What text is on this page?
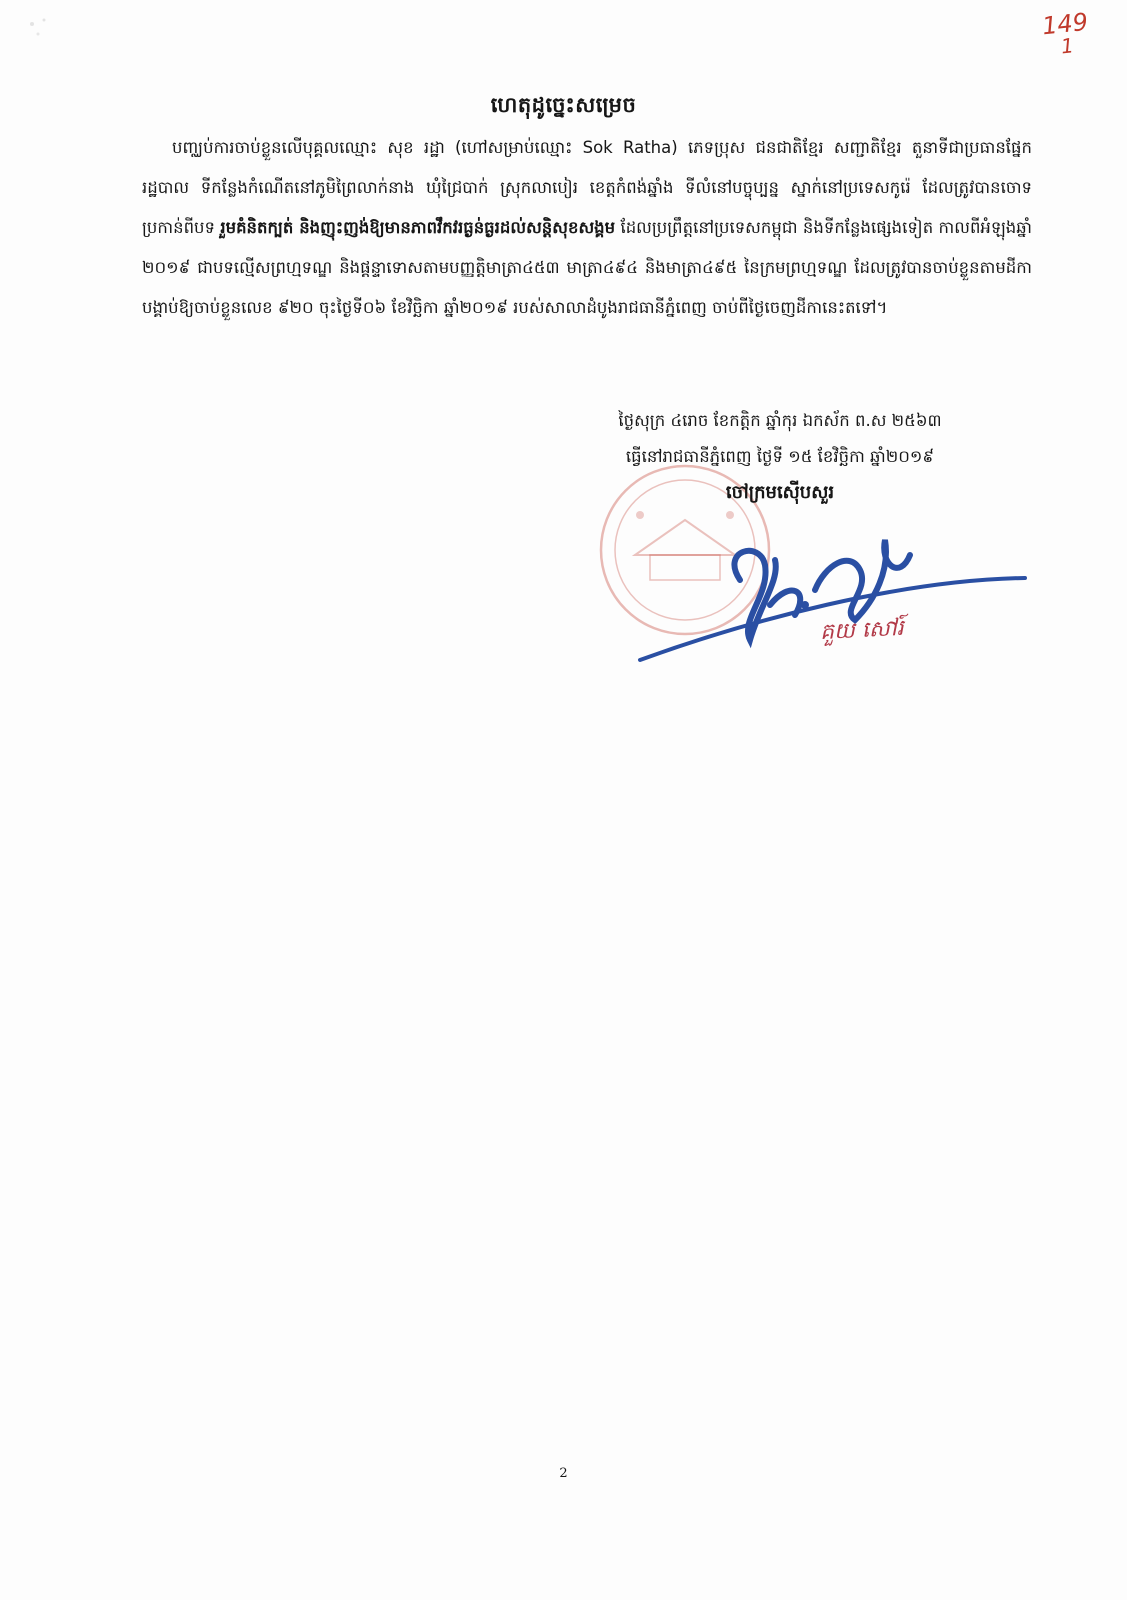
149
1
ហេតុដូច្នេះសម្រេច
បញ្ឈប់ការចាប់ខ្លួនលើបុគ្គលឈ្មោះ សុខ រដ្ឋា (ហៅសម្រាប់ឈ្មោះ Sok Ratha) ភេទប្រុស ជនជាតិខ្មែរ សញ្ជាតិខ្មែរ តួនាទីជាប្រធានផ្នែករដ្ឋបាល ទីកន្លែងកំណើតនៅភូមិព្រៃលាក់នាង ឃុំជ្រៃបាក់ ស្រុកលាបៀរ ខេត្តកំពង់ឆ្នាំង ទីលំនៅបច្ចុប្បន្ន ស្នាក់នៅប្រទេសកូរ៉េ ដែលត្រូវបានចោទប្រកាន់ពីបទ រួមគំនិតក្បត់ និងញុះញង់ឱ្យមានភាពវឹកវរធ្ងន់ធ្ងរដល់សន្តិសុខសង្គម ដែលប្រព្រឹត្តនៅប្រទេសកម្ពុជា និងទីកន្លែងផ្សេងទៀត កាលពីអំឡុងឆ្នាំ ២០១៩ ជាបទល្មើសព្រហ្មទណ្ឌ និងផ្តន្ទាទោសតាមបញ្ញត្តិមាត្រា៤៥៣ មាត្រា៤៩៤ និងមាត្រា៤៩៥ នៃក្រមព្រហ្មទណ្ឌ ដែលត្រូវបានចាប់ខ្លួនតាមដីកាបង្គាប់ឱ្យចាប់ខ្លួនលេខ ៩២០ ចុះថ្ងៃទី០៦ ខែវិច្ឆិកា ឆ្នាំ២០១៩ របស់សាលាដំបូងរាជធានីភ្នំពេញ ចាប់ពីថ្ងៃចេញដីកានេះតទៅ។
ថ្ងៃសុក្រ ៤រោច ខែកត្តិក ឆ្នាំកុរ ឯកស័ក ព.ស ២៥៦៣
ធ្វើនៅរាជធានីភ្នំពេញ ថ្ងៃទី ១៥ ខែវិច្ឆិកា ឆ្នាំ២០១៩
ចៅក្រមស៊ើបសួរ
គួយ សៅរ៍
2
